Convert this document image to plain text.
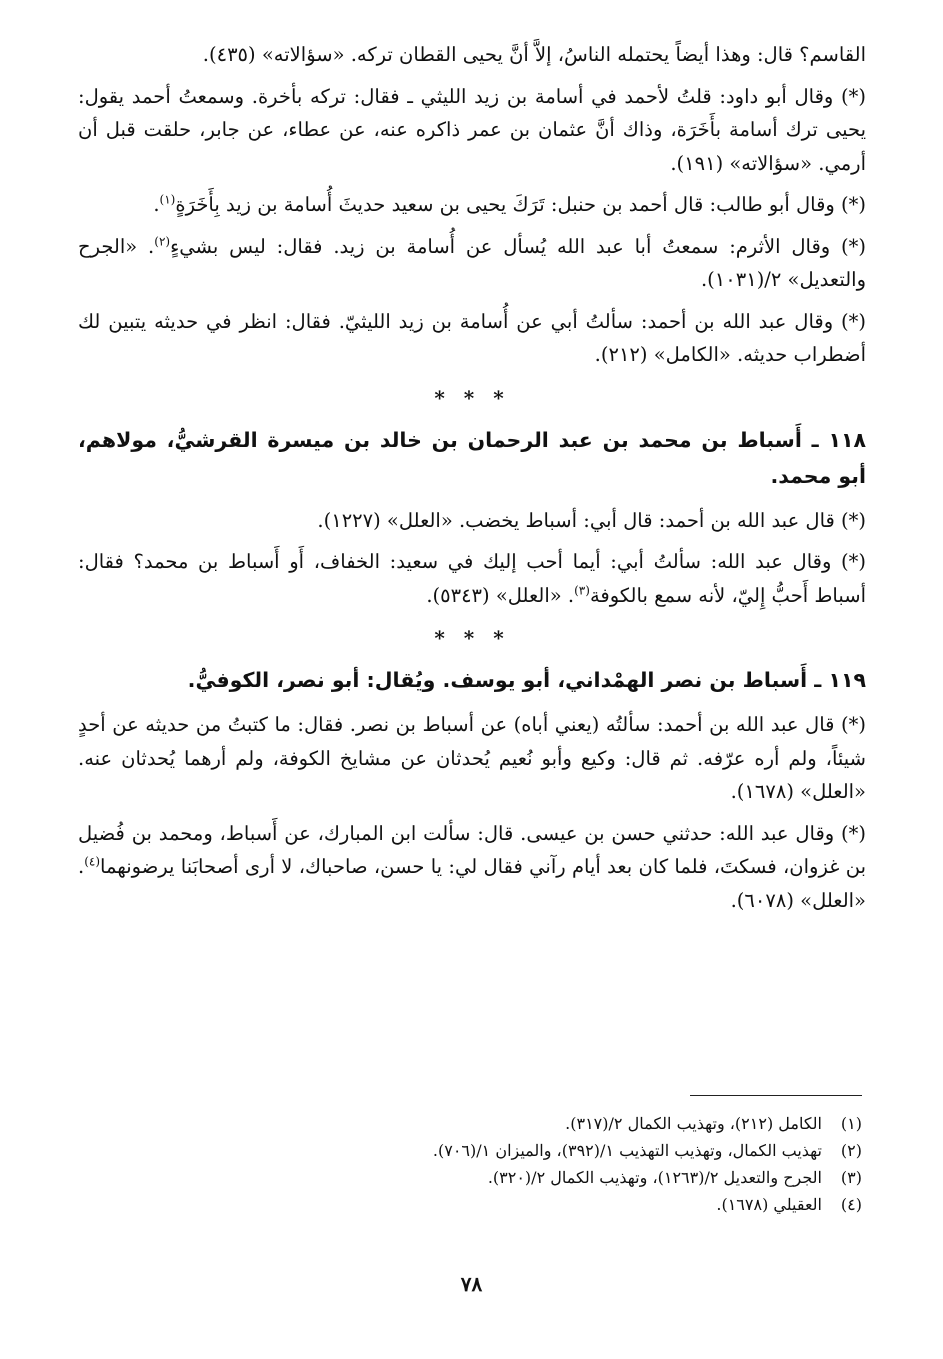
القاسم؟ قال: وهذا أيضاً يحتمله الناسُ، إلاَّ أنَّ يحيى القطان تركه. «سؤالاته» (٤٣٥).

(*) وقال أبو داود: قلتُ لأحمد في أسامة بن زيد الليثي ـ فقال: تركه بأخرة. وسمعتُ أحمد يقول: يحيى ترك أسامة بأَخَرَة، وذاك أنَّ عثمان بن عمر ذاكره عنه، عن عطاء، عن جابر، حلقت قبل أن أرمي. «سؤالاته» (١٩١).

(*) وقال أبو طالب: قال أحمد بن حنبل: تَرَكَ يحيى بن سعيد حديثَ أُسامة بن زيد بِأَخَرَةٍ$^{(١)}$.

(*) وقال الأثرم: سمعتُ أبا عبد الله يُسأل عن أُسامة بن زيد. فقال: ليس بشيءٍ$^{(٢)}$. «الجرح والتعديل» ٢/(١٠٣١).

(*) وقال عبد الله بن أحمد: سألتُ أبي عن أُسامة بن زيد الليثيّ. فقال: انظر في حديثه يتبين لك أضطراب حديثه. «الكامل» (٢١٢).

* * *
١١٨ ـ أَسباط بن محمد بن عبد الرحمان بن خالد بن ميسرة القرشيُّ، مولاهم، أبو محمد.

(*) قال عبد الله بن أحمد: قال أبي: أسباط يخضب. «العلل» (١٢٢٧).

(*) وقال عبد الله: سألتُ أبي: أيما أحب إليك في سعيد: الخفاف، أَو أَسباط بن محمد؟ فقال: أسباط أَحبُّ إِليّ، لأنه سمع بالكوفة$^{(٣)}$. «العلل» (٥٣٤٣).

* * *
١١٩ ـ أَسباط بن نصر الهمْداني، أبو يوسف. ويُقال: أبو نصر، الكوفيُّ.

(*) قال عبد الله بن أحمد: سألتُه (يعني أباه) عن أسباط بن نصر. فقال: ما كتبتُ من حديثه عن أحدٍ شيئاً، ولم أره عرّفه. ثم قال: وكيع وأبو نُعيم يُحدثان عن مشايخ الكوفة، ولم أرهما يُحدثان عنه. «العلل» (١٦٧٨).

(*) وقال عبد الله: حدثني حسن بن عيسى. قال: سألت ابن المبارك، عن أَسباط، ومحمد بن فُضيل بن غزوان، فسكتَ، فلما كان بعد أيام رآني فقال لي: يا حسن، صاحباك، لا أرى أصحابَنا يرضونهما$^{(٤)}$. «العلل» (٦٠٧٨).

(١)
الكامل (٢١٢)، وتهذيب الكمال ٢/(٣١٧).
(٢)
تهذيب الكمال، وتهذيب التهذيب ١/(٣٩٢)، والميزان ١/(٧٠٦).
(٣)
الجرح والتعديل ٢/(١٢٦٣)، وتهذيب الكمال ٢/(٣٢٠).
(٤)
العقيلي (١٦٧٨).
٧٨
